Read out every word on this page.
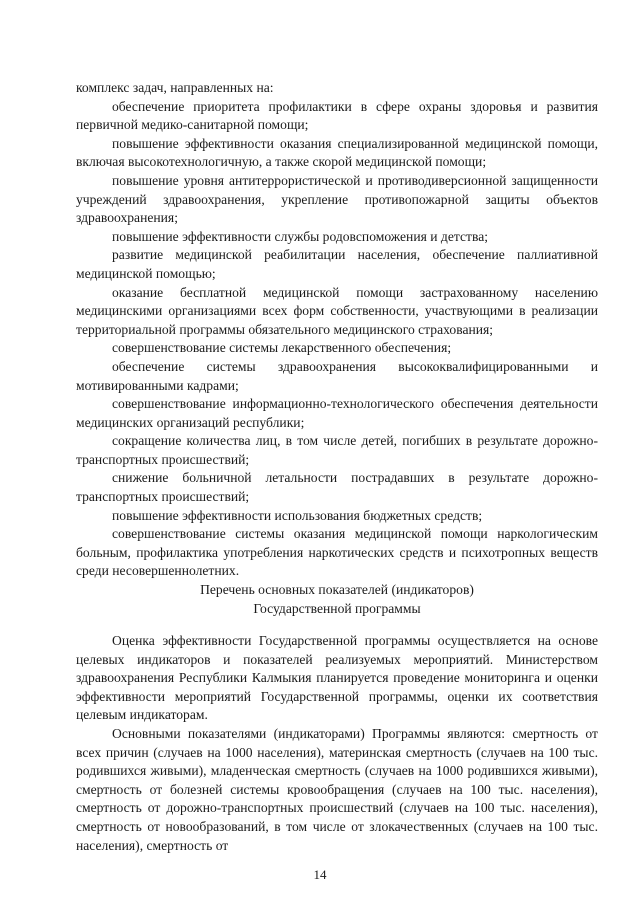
комплекс задач, направленных на:

обеспечение приоритета профилактики в сфере охраны здоровья и развития первичной медико-санитарной помощи;

повышение эффективности оказания специализированной медицинской помощи, включая высокотехнологичную, а также скорой медицинской помощи;

повышение уровня антитеррористической и противодиверсионной защищенности учреждений здравоохранения, укрепление противопожарной защиты объектов здравоохранения;

повышение эффективности службы родовспоможения и детства;

развитие медицинской реабилитации населения, обеспечение паллиативной медицинской помощью;

оказание бесплатной медицинской помощи застрахованному населению медицинскими организациями всех форм собственности, участвующими в реализации территориальной программы обязательного медицинского страхования;

совершенствование системы лекарственного обеспечения;

обеспечение системы здравоохранения высококвалифицированными и мотивированными кадрами;

совершенствование информационно-технологического обеспечения деятельности медицинских организаций республики;

сокращение количества лиц, в том числе детей, погибших в результате дорожно-транспортных происшествий;

снижение больничной летальности пострадавших в результате дорожно-транспортных происшествий;

повышение эффективности использования бюджетных средств;

совершенствование системы оказания медицинской помощи наркологическим больным, профилактика употребления наркотических средств и психотропных веществ среди несовершеннолетних.

Перечень основных показателей (индикаторов)
Государственной программы

Оценка эффективности Государственной программы осуществляется на основе целевых индикаторов и показателей реализуемых мероприятий. Министерством здравоохранения Республики Калмыкия планируется проведение мониторинга и оценки эффективности мероприятий Государственной программы, оценки их соответствия целевым индикаторам.

Основными показателями (индикаторами) Программы являются: смертность от всех причин (случаев на 1000 населения), материнская смертность (случаев на 100 тыс. родившихся живыми), младенческая смертность (случаев на 1000 родившихся живыми), смертность от болезней системы кровообращения (случаев на 100 тыс. населения), смертность от дорожно-транспортных происшествий (случаев на 100 тыс. населения), смертность от новообразований, в том числе от злокачественных (случаев на 100 тыс. населения), смертность от

14
